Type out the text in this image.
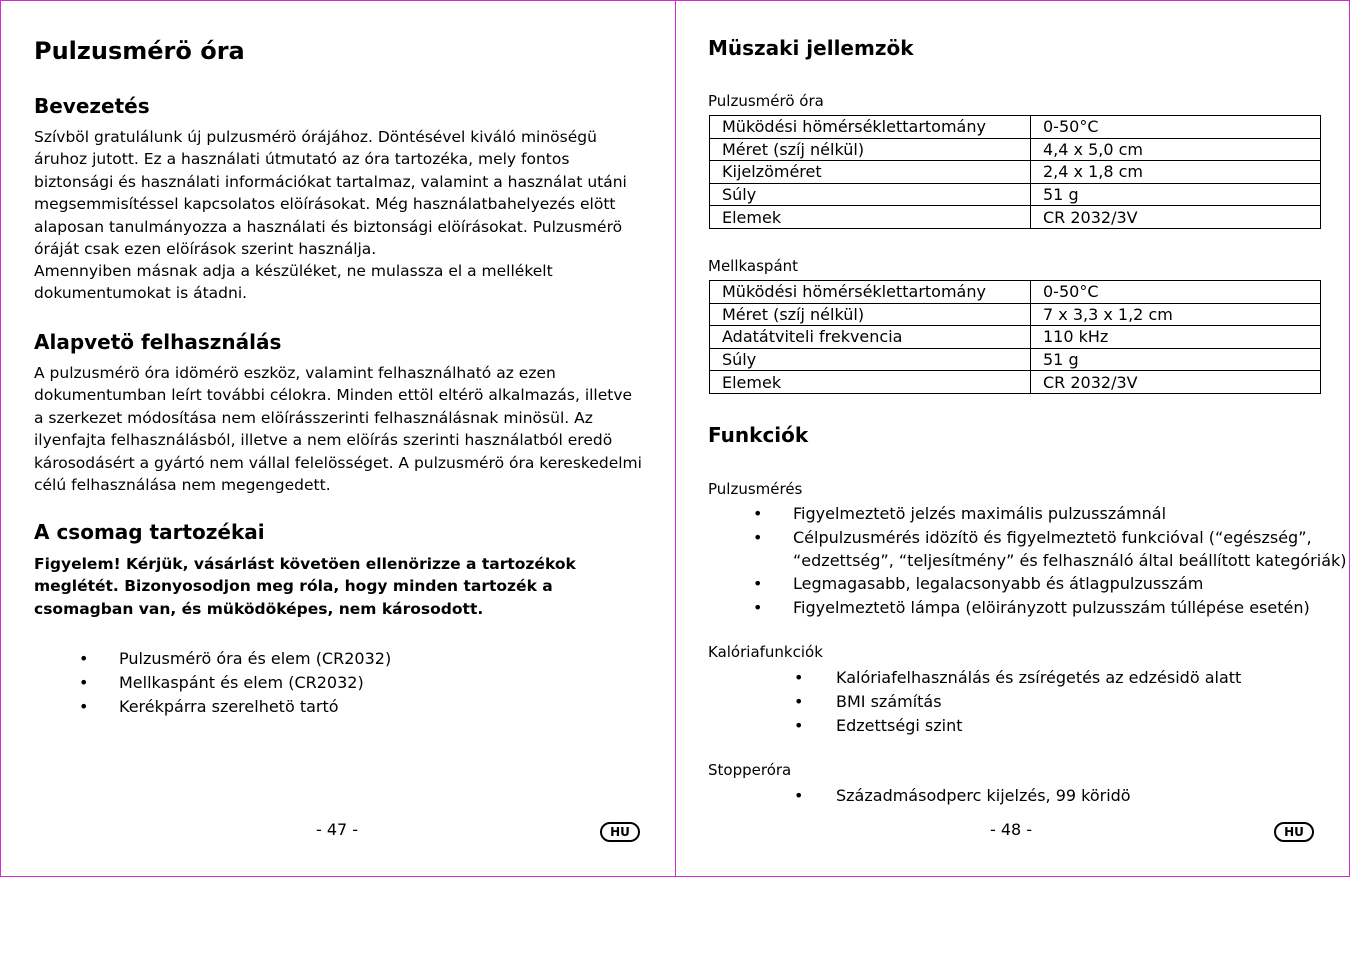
Pulzusmérö óra
Bevezetés
Szívböl gratulálunk új pulzusmérö órájához. Döntésével kiváló minöségü áruhoz jutott. Ez a használati útmutató az óra tartozéka, mely fontos biztonsági és használati információkat tartalmaz, valamint a használat utáni megsemmisítéssel kapcsolatos elöírásokat. Még használatbahelyezés elött alaposan tanulmányozza a használati és biztonsági elöírásokat. Pulzusmérö óráját csak ezen elöírások szerint használja.
Amennyiben másnak adja a készüléket, ne mulassza el a mellékelt dokumentumokat is átadni.
Alapvetö felhasználás
A pulzusmérö óra idömérö eszköz, valamint felhasználható az ezen dokumentumban leírt további célokra. Minden ettöl eltérö alkalmazás, illetve a szerkezet módosítása nem elöírásszerinti felhasználásnak minösül. Az ilyenfajta felhasználásból, illetve a nem elöírás szerinti használatból eredö károsodásért a gyártó nem vállal felelösséget. A pulzusmérö óra kereskedelmi célú felhasználása nem megengedett.
A csomag tartozékai
Figyelem! Kérjük, vásárlást követöen ellenörizze a tartozékok meglétét. Bizonyosodjon meg róla, hogy minden tartozék a csomagban van, és müködöképes, nem károsodott.
• Pulzusmérö óra és elem (CR2032)
• Mellkaspánt és elem (CR2032)
• Kerékpárra szerelhetö tartó
- 47 -	HU
Müszaki jellemzök
Pulzusmérö óra
Müködési hömérséklettartomány	0-50°C
Méret (szíj nélkül)	4,4 x 5,0 cm
Kijelzöméret	2,4 x 1,8 cm
Súly	51 g
Elemek	CR 2032/3V
Mellkaspánt
Müködési hömérséklettartomány	0-50°C
Méret (szíj nélkül)	7 x 3,3 x 1,2 cm
Adatátviteli frekvencia	110 kHz
Súly	51 g
Elemek	CR 2032/3V
Funkciók
Pulzusmérés
• Figyelmeztetö jelzés maximális pulzusszámnál
• Célpulzusmérés idözítö és figyelmeztetö funkcióval (“egészség”,
“edzettség”, “teljesítmény” és felhasználó által beállított kategóriák)
• Legmagasabb, legalacsonyabb és átlagpulzusszám
• Figyelmeztetö lámpa (elöirányzott pulzusszám túllépése esetén)
Kalóriafunkciók
• Kalóriafelhasználás és zsírégetés az edzésidö alatt
• BMI számítás
• Edzettségi szint
Stopperóra
• Századmásodperc kijelzés, 99 köridö
- 48 -	HU
